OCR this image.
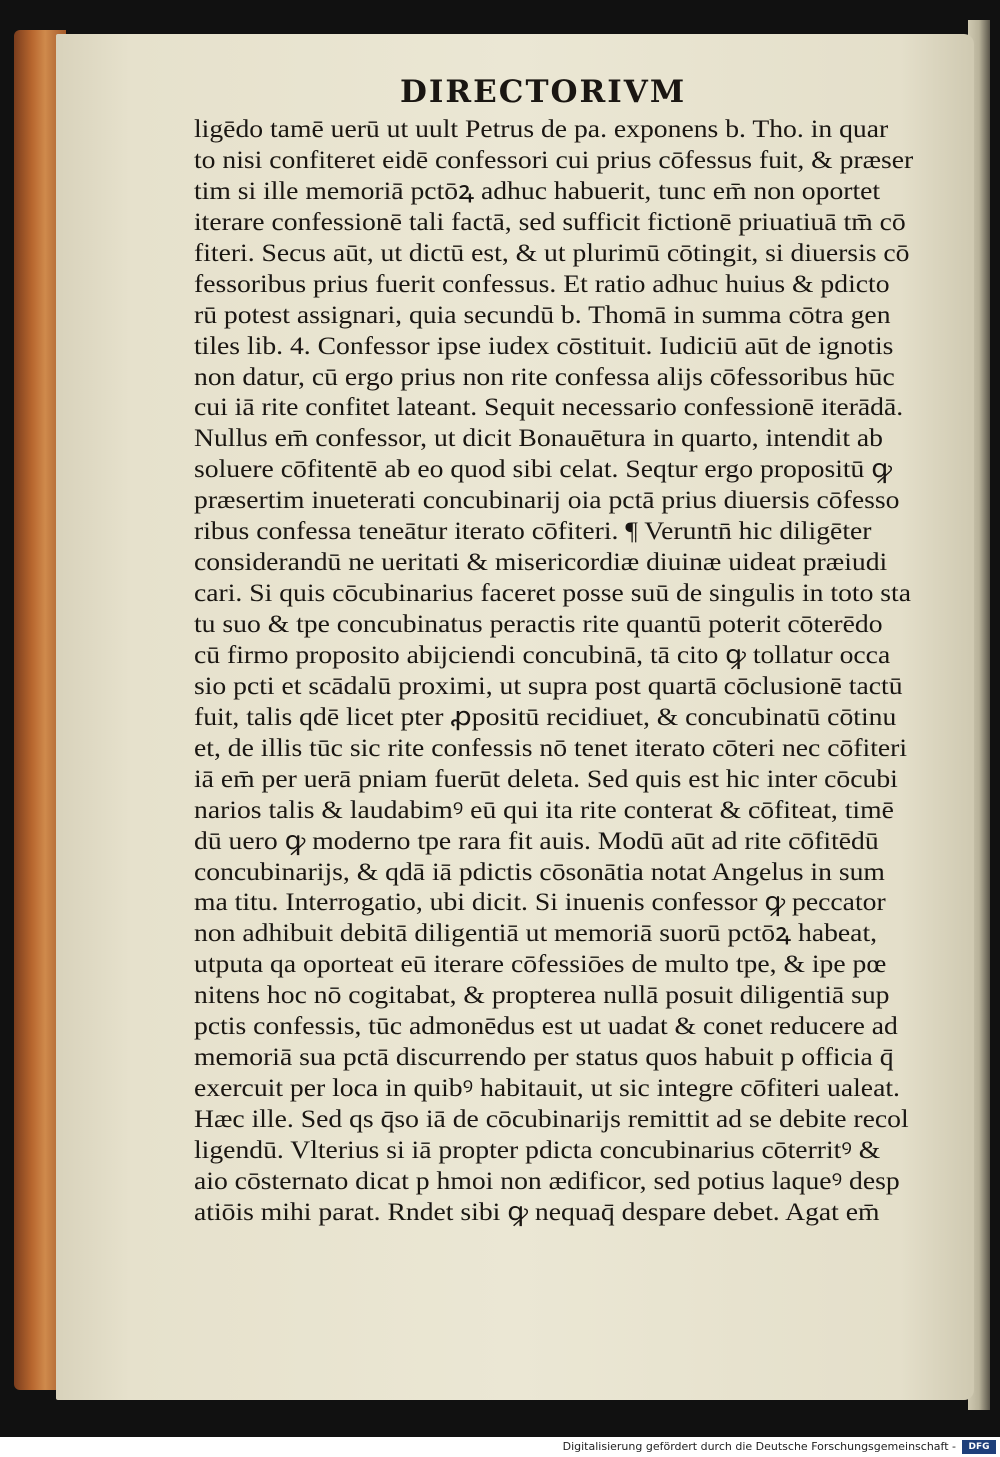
DIRECTORIVM
ligēdo tamē uerū ut uult Petrus de pa. exponens b. Tho. in quar
to nisi confiteret eidē confessori cui prius cōfessus fuit, & præser
tim si ille memoriā pctōꝝ adhuc habuerit, tunc em̄ non oportet
iterare confessionē tali factā, sed sufficit fictionē priuatiuā tm̄ cō
fiteri. Secus aūt, ut dictū est, & ut plurimū cōtingit, si diuersis cō
fessoribus prius fuerit confessus. Et ratio adhuc huius & pdicto
rū potest assignari, quia secundū b. Thomā in summa cōtra gen
tiles lib. 4. Confessor ipse iudex cōstituit. Iudiciū aūt de ignotis
non datur, cū ergo prius non rite confessa alijs cōfessoribus hūc
cui iā rite confitet lateant. Sequit necessario confessionē iterādā.
Nullus em̄ confessor, ut dicit Bonauētura in quarto, intendit ab
soluere cōfitentē ab eo quod sibi celat. Seqtur ergo propositū ꝙ
præsertim inueterati concubinarij oia pctā prius diuersis cōfesso
ribus confessa teneātur iterato cōfiteri. ¶ Veruntn̄ hic diligēter
considerandū ne ueritati & misericordiæ diuinæ uideat præiudi
cari. Si quis cōcubinarius faceret posse suū de singulis in toto sta
tu suo & tpe concubinatus peractis rite quantū poterit cōterēdo
cū firmo proposito abijciendi concubinā, tā cito ꝙ tollatur occa
sio pcti et scādalū proximi, ut supra post quartā cōclusionē tactū
fuit, talis qdē licet pter ꝓpositū recidiuet, & concubinatū cōtinu
et, de illis tūc sic rite confessis nō tenet iterato cōteri nec cōfiteri
iā em̄ per uerā pniam fuerūt deleta. Sed quis est hic inter cōcubi
narios talis & laudabimꝰ eū qui ita rite conterat & cōfiteat, timē
dū uero ꝙ moderno tpe rara fit auis. Modū aūt ad rite cōfitēdū
concubinarijs, & qdā iā pdictis cōsonātia notat Angelus in sum
ma titu. Interrogatio, ubi dicit. Si inuenis confessor ꝙ peccator
non adhibuit debitā diligentiā ut memoriā suorū pctōꝝ habeat,
utputa qa oporteat eū iterare cōfessiōes de multo tpe, & ipe pœ
nitens hoc nō cogitabat, & propterea nullā posuit diligentiā sup
pctis confessis, tūc admonēdus est ut uadat & conet reducere ad
memoriā sua pctā discurrendo per status quos habuit p officia q̄
exercuit per loca in quibꝰ habitauit, ut sic integre cōfiteri ualeat.
Hæc ille. Sed qs q̄so iā de cōcubinarijs remittit ad se debite recol
ligendū. Vlterius si iā propter pdicta concubinarius cōterritꝰ &
aio cōsternato dicat p hmoi non ædificor, sed potius laqueꝰ desp
atiōis mihi parat. Rndet sibi ꝙ nequaq̄ despare debet. Agat em̄
Digitalisierung gefördert durch die Deutsche Forschungsgemeinschaft -	DFG
